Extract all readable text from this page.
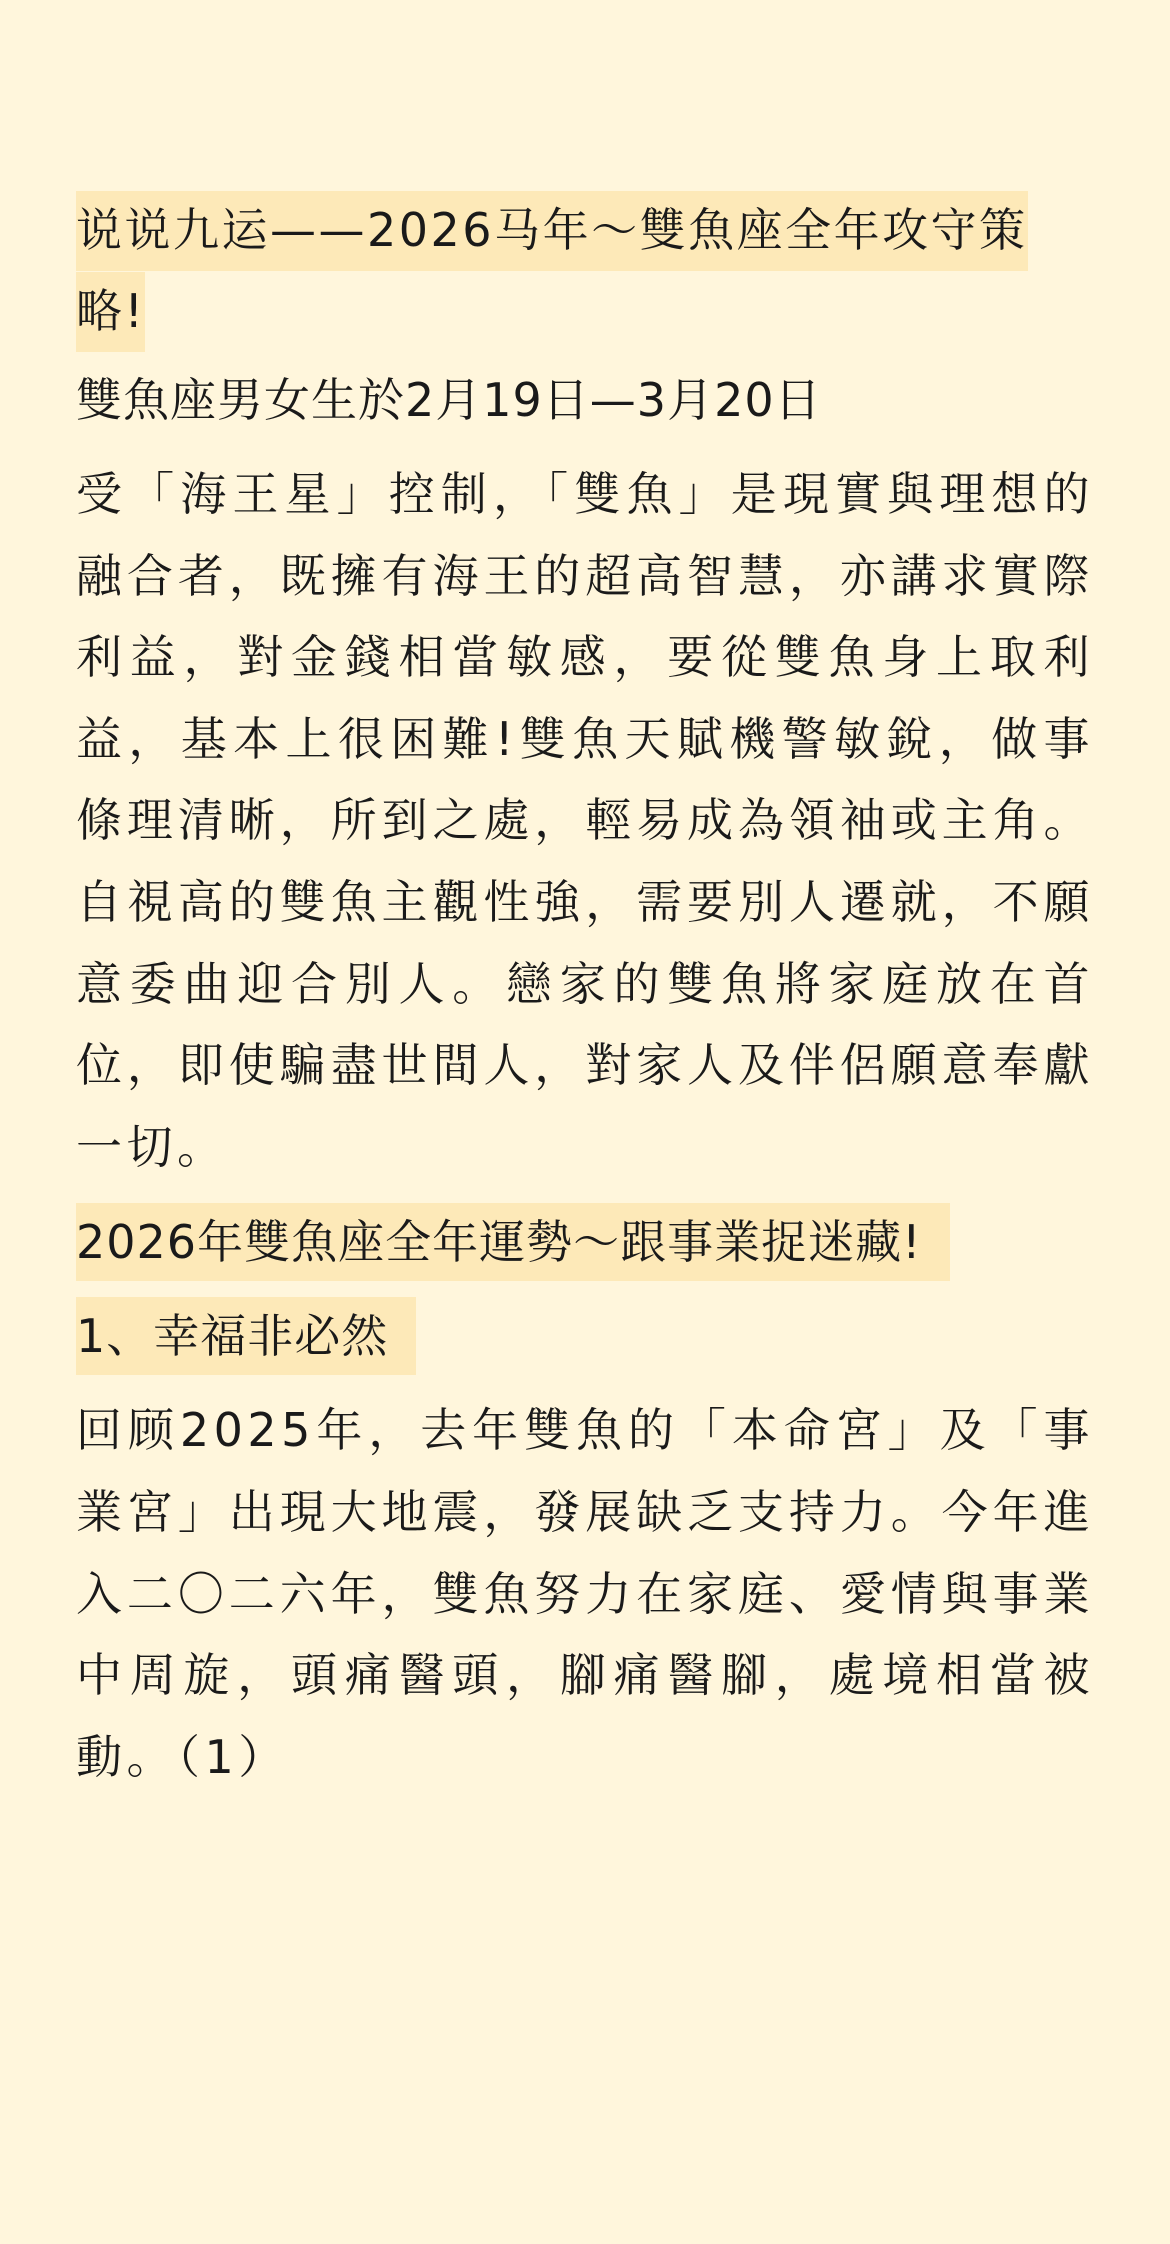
说说九运——2026马年～雙魚座全年攻守策略!
雙魚座男女生於2月19日—3月20日
受「海王星」控制，「雙魚」是現實與理想的融合者，既擁有海王的超高智慧，亦講求實際利益，對金錢相當敏感，要從雙魚身上取利益，基本上很困難!雙魚天賦機警敏銳，做事條理清晰，所到之處，輕易成為領袖或主角。自視高的雙魚主觀性強，需要別人遷就，不願意委曲迎合別人。戀家的雙魚將家庭放在首位，即使騙盡世間人，對家人及伴侶願意奉獻一切。
2026年雙魚座全年運勢～跟事業捉迷藏!
1、幸福非必然
回顾2025年，去年雙魚的「本命宮」及「事業宮」出現大地震，發展缺乏支持力。今年進入二〇二六年，雙魚努力在家庭、愛情與事業中周旋，頭痛醫頭，腳痛醫腳，處境相當被動。（1）
